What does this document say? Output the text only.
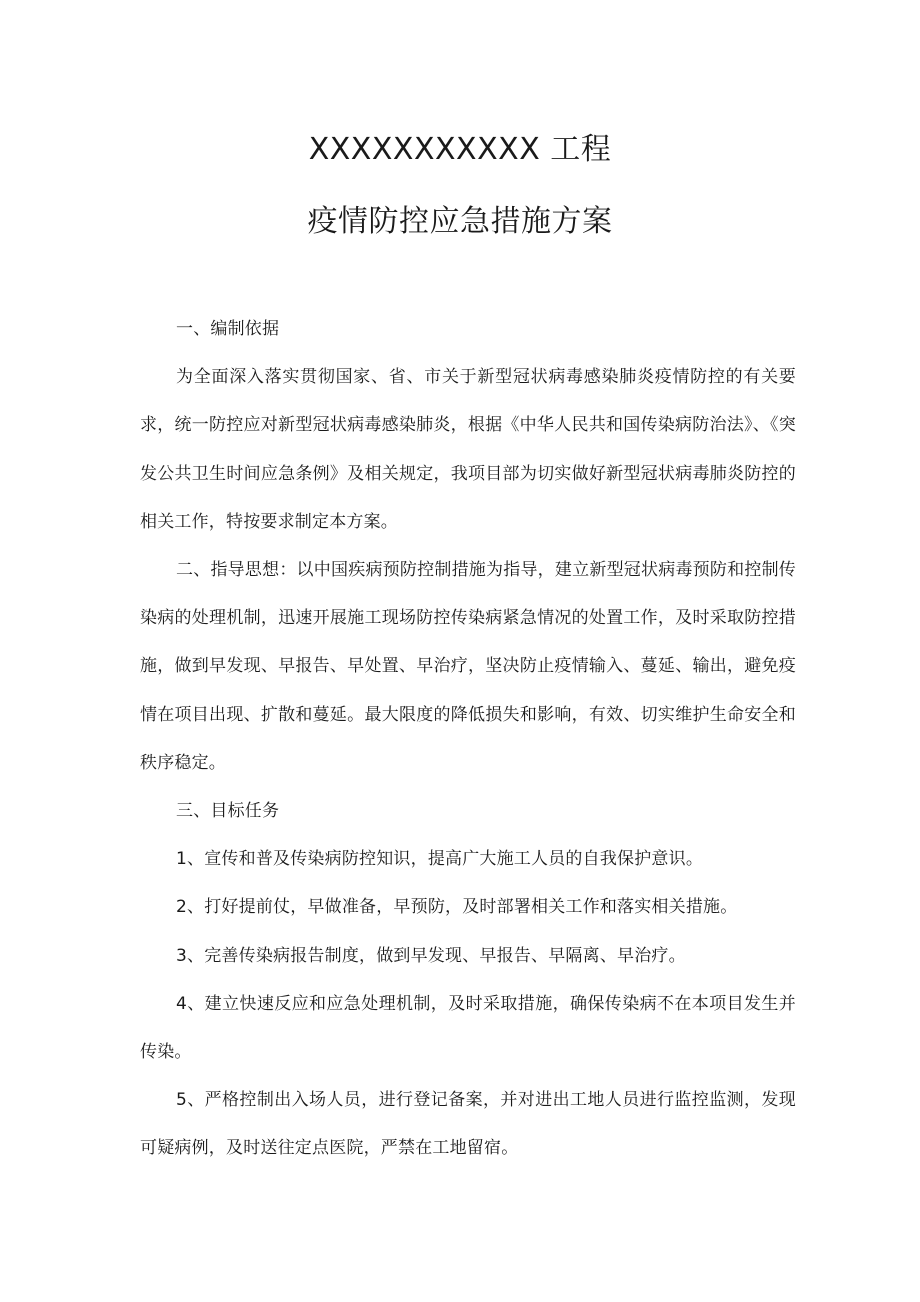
XXXXXXXXXXX 工程
疫情防控应急措施方案

一、编制依据

为全面深入落实贯彻国家、省、市关于新型冠状病毒感染肺炎疫情防控的有关要求，统一防控应对新型冠状病毒感染肺炎，根据《中华人民共和国传染病防治法》、《突发公共卫生时间应急条例》及相关规定，我项目部为切实做好新型冠状病毒肺炎防控的相关工作，特按要求制定本方案。

二、指导思想：以中国疾病预防控制措施为指导，建立新型冠状病毒预防和控制传染病的处理机制，迅速开展施工现场防控传染病紧急情况的处置工作，及时采取防控措施，做到早发现、早报告、早处置、早治疗，坚决防止疫情输入、蔓延、输出，避免疫情在项目出现、扩散和蔓延。最大限度的降低损失和影响，有效、切实维护生命安全和秩序稳定。

三、目标任务

1、宣传和普及传染病防控知识，提高广大施工人员的自我保护意识。

2、打好提前仗，早做准备，早预防，及时部署相关工作和落实相关措施。

3、完善传染病报告制度，做到早发现、早报告、早隔离、早治疗。

4、建立快速反应和应急处理机制，及时采取措施，确保传染病不在本项目发生并传染。

5、严格控制出入场人员，进行登记备案，并对进出工地人员进行监控监测，发现可疑病例，及时送往定点医院，严禁在工地留宿。
